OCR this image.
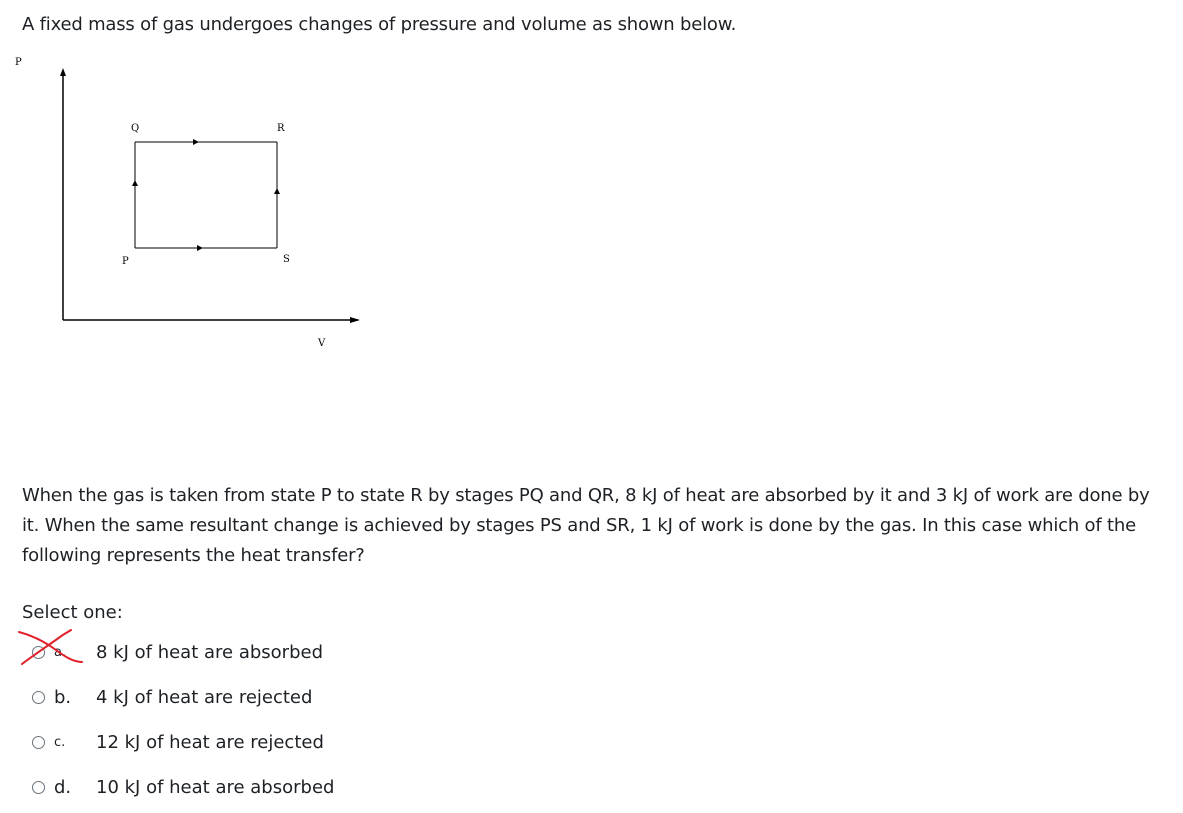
A fixed mass of gas undergoes changes of pressure and volume as shown below.
P
V
Q	R
P	S
When the gas is taken from state P to state R by stages PQ and QR, 8 kJ of heat are absorbed by it and 3 kJ of work are done by it. When the same resultant change is achieved by stages PS and SR, 1 kJ of work is done by the gas. In this case which of the following represents the heat transfer?
Select one:
a.	8 kJ of heat are absorbed
b.	4 kJ of heat are rejected
c.	12 kJ of heat are rejected
d.	10 kJ of heat are absorbed
